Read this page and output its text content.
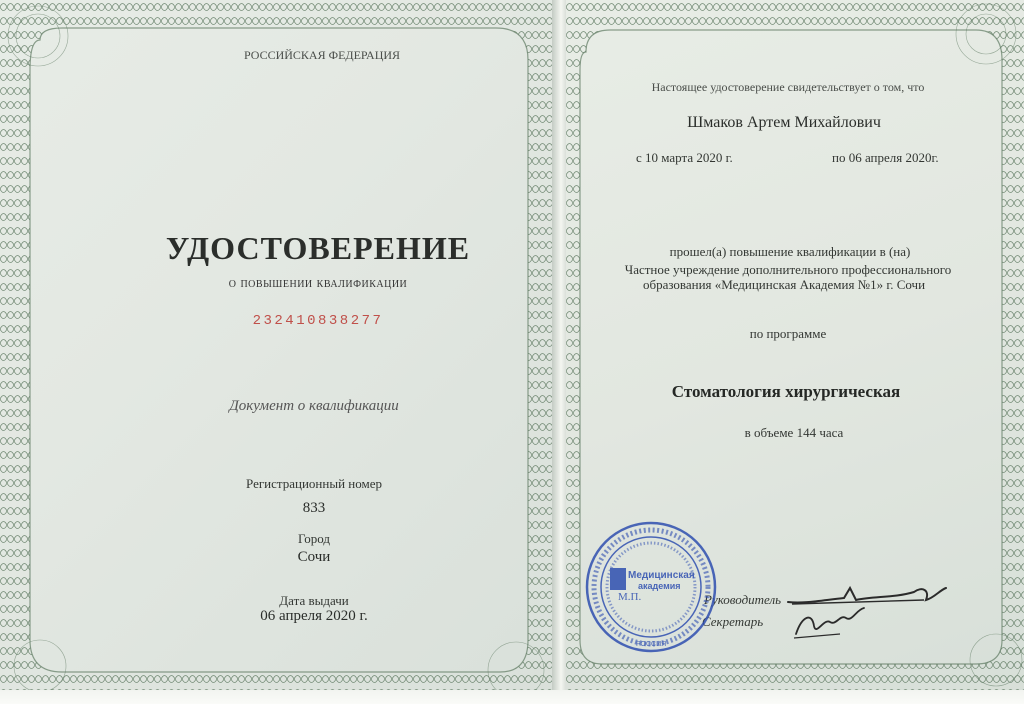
РОССИЙСКАЯ ФЕДЕРАЦИЯ
УДОСТОВЕРЕНИЕ
о повышении квалификации
232410838277
Документ о квалификации
Регистрационный номер
833
Город
Сочи
Дата выдачи
06 апреля 2020 г.
Настоящее удостоверение свидетельствует о том, что
Шмаков Артем Михайлович
с 10 марта 2020 г.	по 06 апреля 2020г.
прошел(а) повышение квалификации в (на)
Частное учреждение дополнительного профессионального
образования «Медицинская Академия №1» г. Сочи
по программе
Стоматология хирургическая
в объеме 144 часа
Руководитель
Секретарь
Медицинская
академия
М.П.
РОССИЯ
